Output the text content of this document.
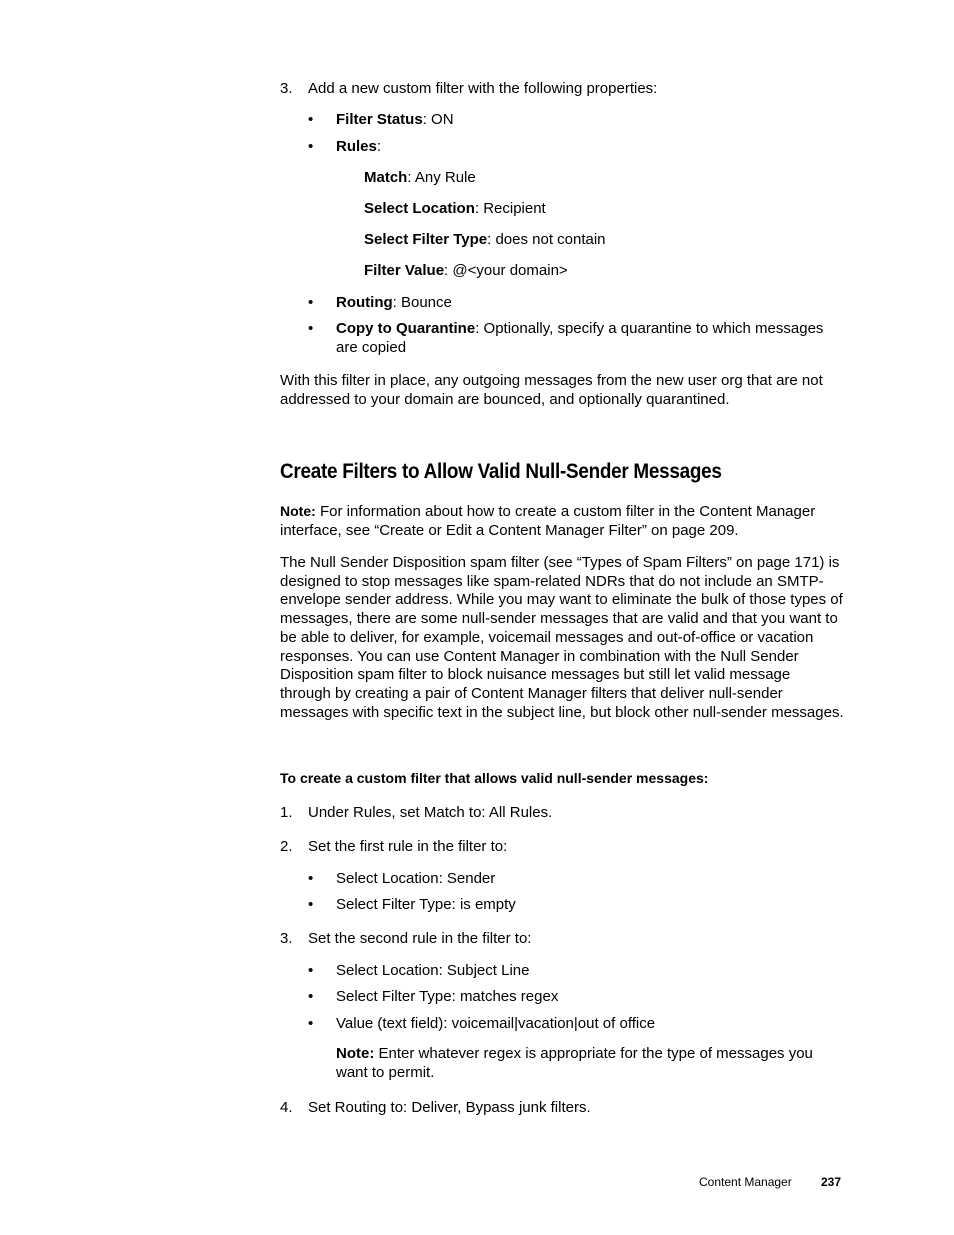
3. Add a new custom filter with the following properties:
• Filter Status: ON
• Rules:
Match: Any Rule
Select Location: Recipient
Select Filter Type: does not contain
Filter Value: @<your domain>
• Routing: Bounce
• Copy to Quarantine: Optionally, specify a quarantine to which messages
are copied
With this filter in place, any outgoing messages from the new user org that are not addressed to your domain are bounced, and optionally quarantined.
Create Filters to Allow Valid Null-Sender Messages
Note: For information about how to create a custom filter in the Content Manager interface, see “Create or Edit a Content Manager Filter” on page 209.
The Null Sender Disposition spam filter (see “Types of Spam Filters” on page 171) is designed to stop messages like spam-related NDRs that do not include an SMTP-envelope sender address. While you may want to eliminate the bulk of those types of messages, there are some null-sender messages that are valid and that you want to be able to deliver, for example, voicemail messages and out-of-office or vacation responses. You can use Content Manager in combination with the Null Sender Disposition spam filter to block nuisance messages but still let valid message through by creating a pair of Content Manager filters that deliver null-sender messages with specific text in the subject line, but block other null-sender messages.
To create a custom filter that allows valid null-sender messages:
1. Under Rules, set Match to: All Rules.
2. Set the first rule in the filter to:
• Select Location: Sender
• Select Filter Type: is empty
3. Set the second rule in the filter to:
• Select Location: Subject Line
• Select Filter Type: matches regex
• Value (text field): voicemail|vacation|out of office
Note: Enter whatever regex is appropriate for the type of messages you want to permit.
4. Set Routing to: Deliver, Bypass junk filters.
Content Manager 237
